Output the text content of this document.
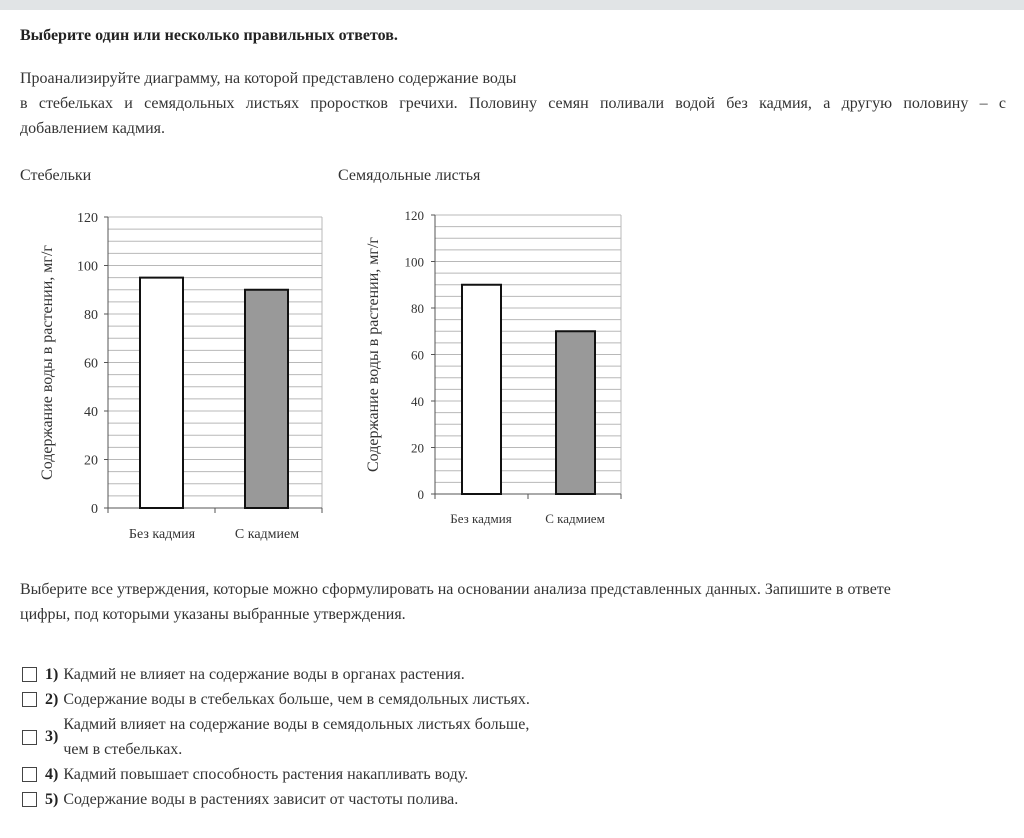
Выберите один или несколько правильных ответов.
Проанализируйте диаграмму, на которой представлено содержание воды
в стебельках и семядольных листьях проростков гречихи. Половину семян поливали водой без кадмия, а другую половину – с
добавлением кадмия.
Стебельки	Семядольные листья
0
20
40
60
80
100
120
Без кадмия	С кадмием
Содержание воды в растении, мг/г
0
20
40
60
80
100
120
Без кадмия	С кадмием
Содержание воды в растении, мг/г
Выберите все утверждения, которые можно сформулировать на основании анализа представленных данных. Запишите в ответе
цифры, под которыми указаны выбранные утверждения.
1) Кадмий не влияет на содержание воды в органах растения.
2) Содержание воды в стебельках больше, чем в семядольных листьях.
3)
Кадмий влияет на содержание воды в семядольных листьях больше,
чем в стебельках.
4) Кадмий повышает способность растения накапливать воду.
5) Содержание воды в растениях зависит от частоты полива.
